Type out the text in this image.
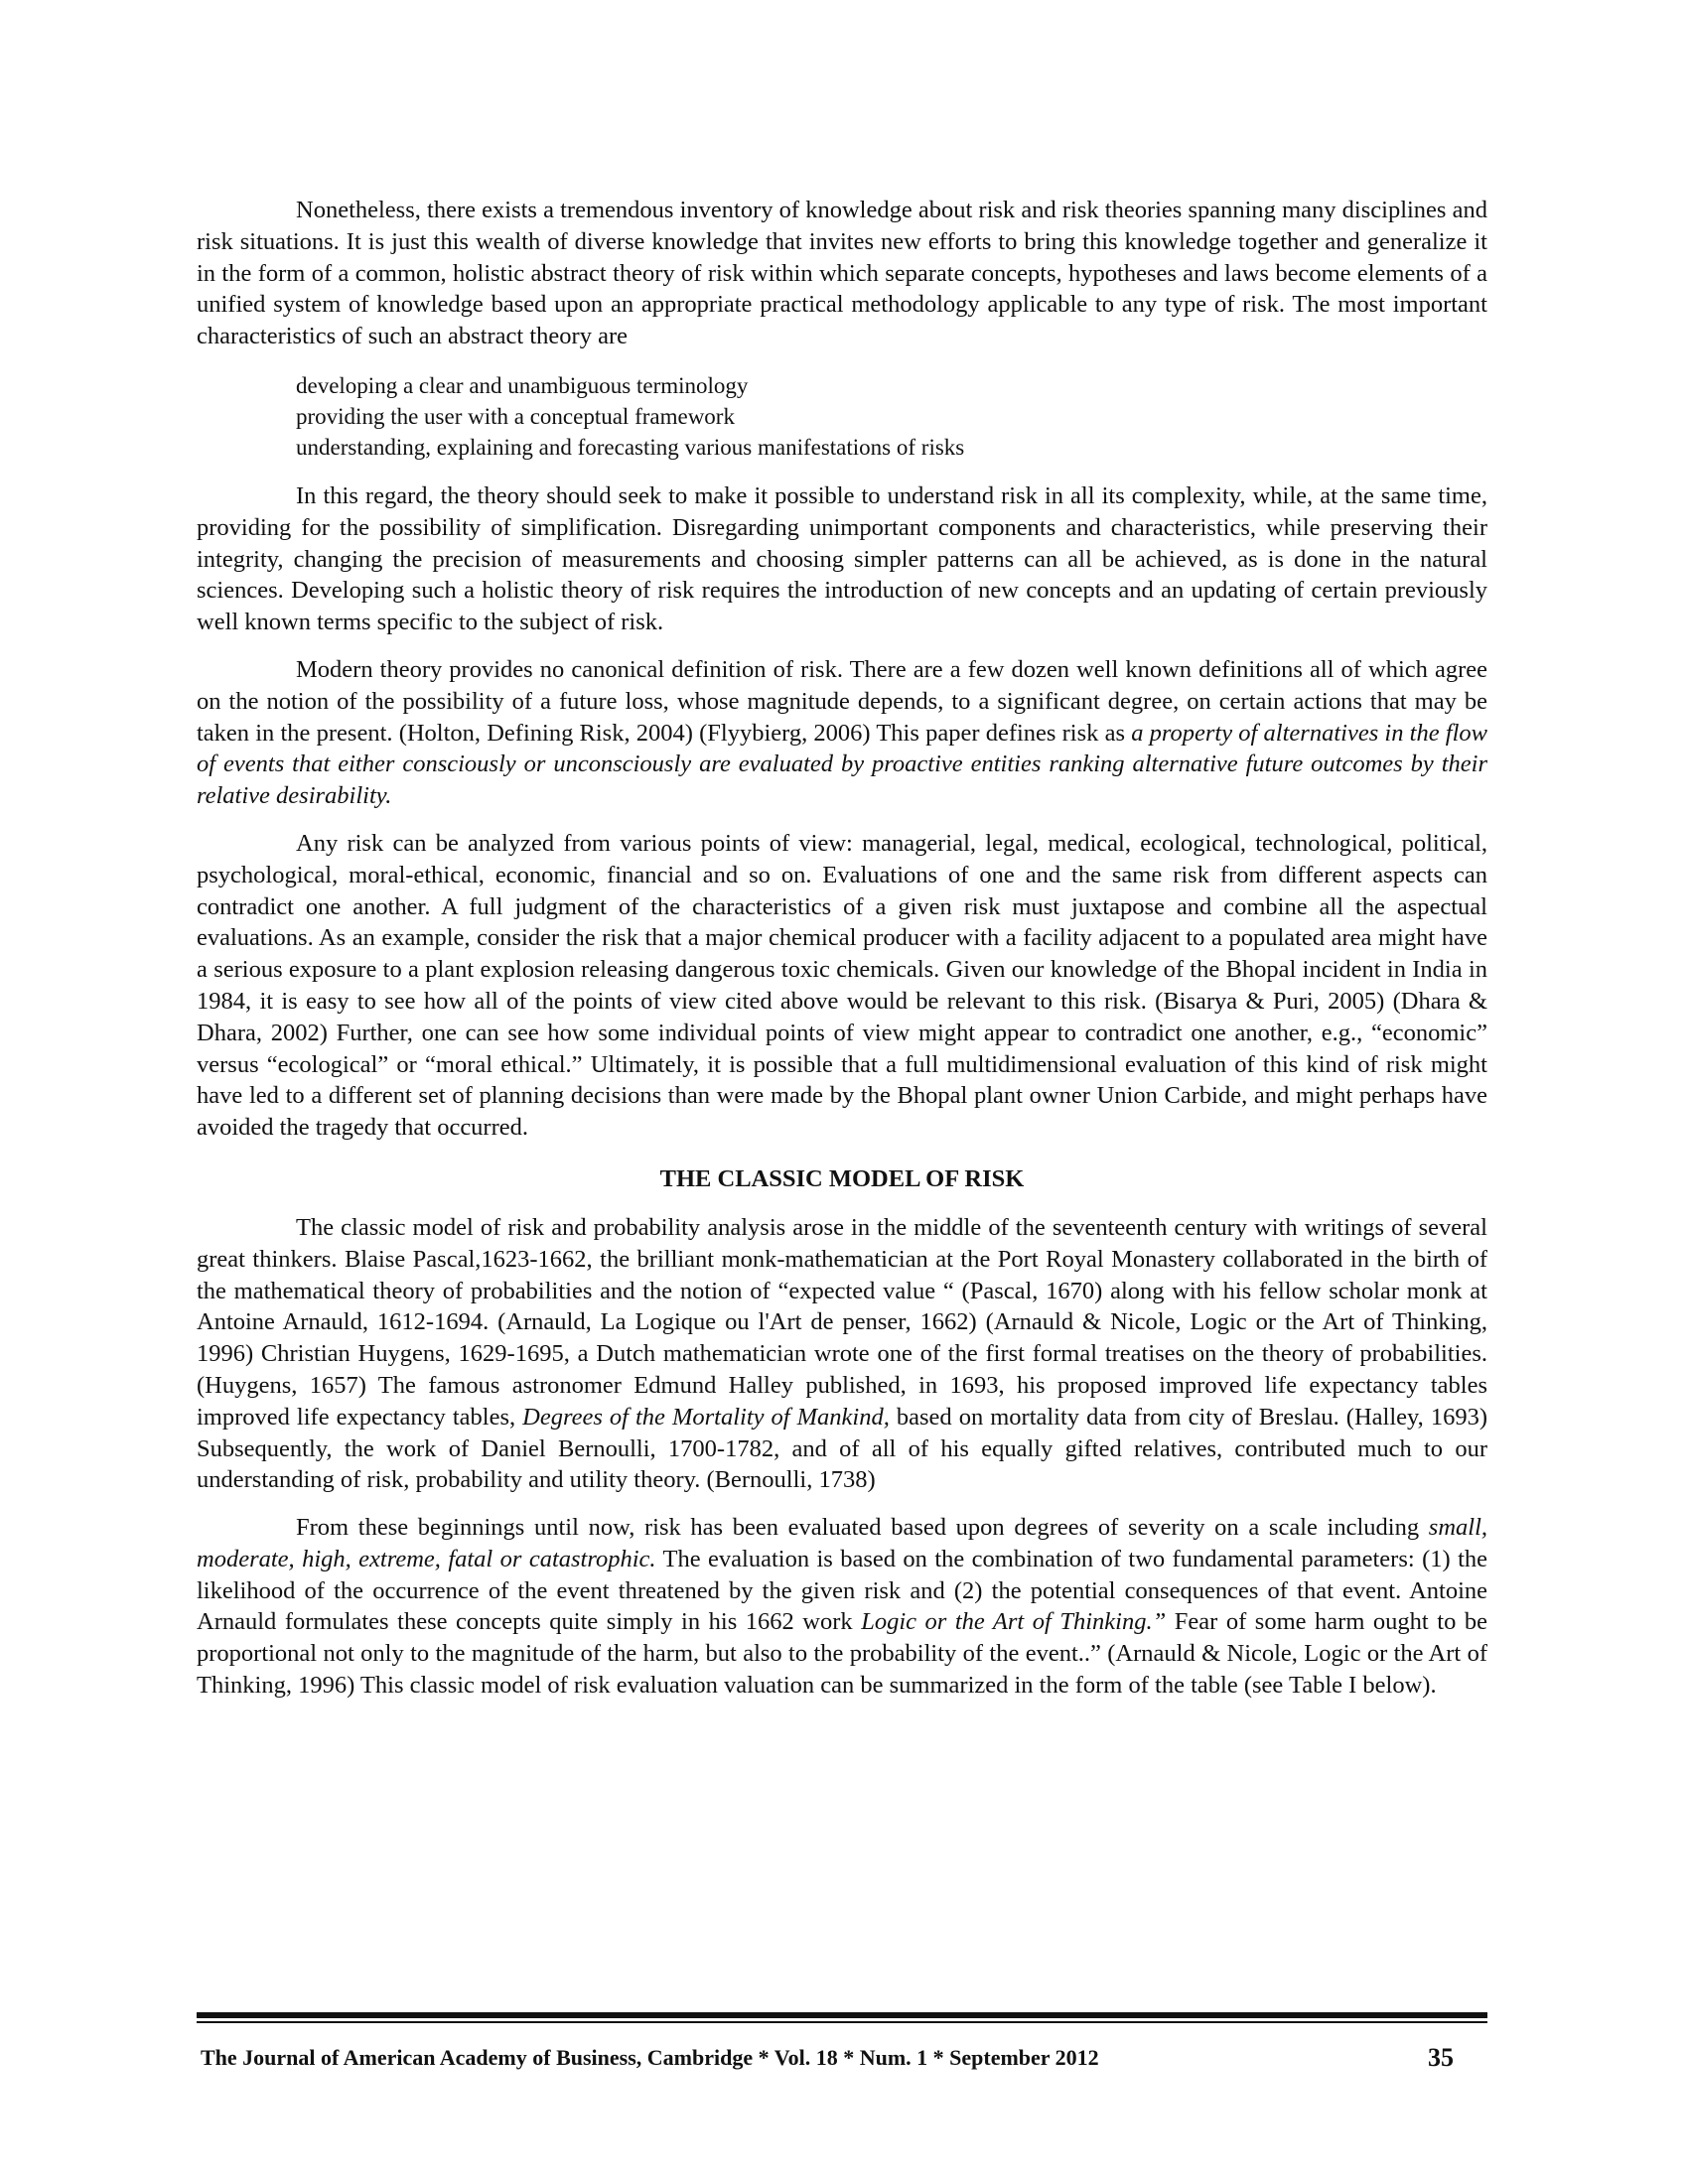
Nonetheless, there exists a tremendous inventory of knowledge about risk and risk theories spanning many disciplines and risk situations. It is just this wealth of diverse knowledge that invites new efforts to bring this knowledge together and generalize it in the form of a common, holistic abstract theory of risk within which separate concepts, hypotheses and laws become elements of a unified system of knowledge based upon an appropriate practical methodology applicable to any type of risk. The most important characteristics of such an abstract theory are

developing a clear and unambiguous terminology
providing the user with a conceptual framework
understanding, explaining and forecasting various manifestations of risks

In this regard, the theory should seek to make it possible to understand risk in all its complexity, while, at the same time, providing for the possibility of simplification. Disregarding unimportant components and characteristics, while preserving their integrity, changing the precision of measurements and choosing simpler patterns can all be achieved, as is done in the natural sciences. Developing such a holistic theory of risk requires the introduction of new concepts and an updating of certain previously well known terms specific to the subject of risk.

Modern theory provides no canonical definition of risk. There are a few dozen well known definitions all of which agree on the notion of the possibility of a future loss, whose magnitude depends, to a significant degree, on certain actions that may be taken in the present. (Holton, Defining Risk, 2004) (Flyybierg, 2006) This paper defines risk as a property of alternatives in the flow of events that either consciously or unconsciously are evaluated by proactive entities ranking alternative future outcomes by their relative desirability.

Any risk can be analyzed from various points of view: managerial, legal, medical, ecological, technological, political, psychological, moral-ethical, economic, financial and so on. Evaluations of one and the same risk from different aspects can contradict one another. A full judgment of the characteristics of a given risk must juxtapose and combine all the aspectual evaluations. As an example, consider the risk that a major chemical producer with a facility adjacent to a populated area might have a serious exposure to a plant explosion releasing dangerous toxic chemicals. Given our knowledge of the Bhopal incident in India in 1984, it is easy to see how all of the points of view cited above would be relevant to this risk. (Bisarya & Puri, 2005) (Dhara & Dhara, 2002) Further, one can see how some individual points of view might appear to contradict one another, e.g., “economic” versus “ecological” or “moral ethical.” Ultimately, it is possible that a full multidimensional evaluation of this kind of risk might have led to a different set of planning decisions than were made by the Bhopal plant owner Union Carbide, and might perhaps have avoided the tragedy that occurred.

THE CLASSIC MODEL OF RISK

The classic model of risk and probability analysis arose in the middle of the seventeenth century with writings of several great thinkers. Blaise Pascal,1623-1662, the brilliant monk-mathematician at the Port Royal Monastery collaborated in the birth of the mathematical theory of probabilities and the notion of “expected value “ (Pascal, 1670) along with his fellow scholar monk at Antoine Arnauld, 1612-1694. (Arnauld, La Logique ou l'Art de penser, 1662) (Arnauld & Nicole, Logic or the Art of Thinking, 1996) Christian Huygens, 1629-1695, a Dutch mathematician wrote one of the first formal treatises on the theory of probabilities. (Huygens, 1657) The famous astronomer Edmund Halley published, in 1693, his proposed improved life expectancy tables improved life expectancy tables, Degrees of the Mortality of Mankind, based on mortality data from city of Breslau. (Halley, 1693) Subsequently, the work of Daniel Bernoulli, 1700-1782, and of all of his equally gifted relatives, contributed much to our understanding of risk, probability and utility theory. (Bernoulli, 1738)

From these beginnings until now, risk has been evaluated based upon degrees of severity on a scale including small, moderate, high, extreme, fatal or catastrophic. The evaluation is based on the combination of two fundamental parameters: (1) the likelihood of the occurrence of the event threatened by the given risk and (2) the potential consequences of that event. Antoine Arnauld formulates these concepts quite simply in his 1662 work Logic or the Art of Thinking.” Fear of some harm ought to be proportional not only to the magnitude of the harm, but also to the probability of the event..” (Arnauld & Nicole, Logic or the Art of Thinking, 1996) This classic model of risk evaluation valuation can be summarized in the form of the table (see Table I below).

The Journal of American Academy of Business, Cambridge * Vol. 18 * Num. 1 * September 2012	35
